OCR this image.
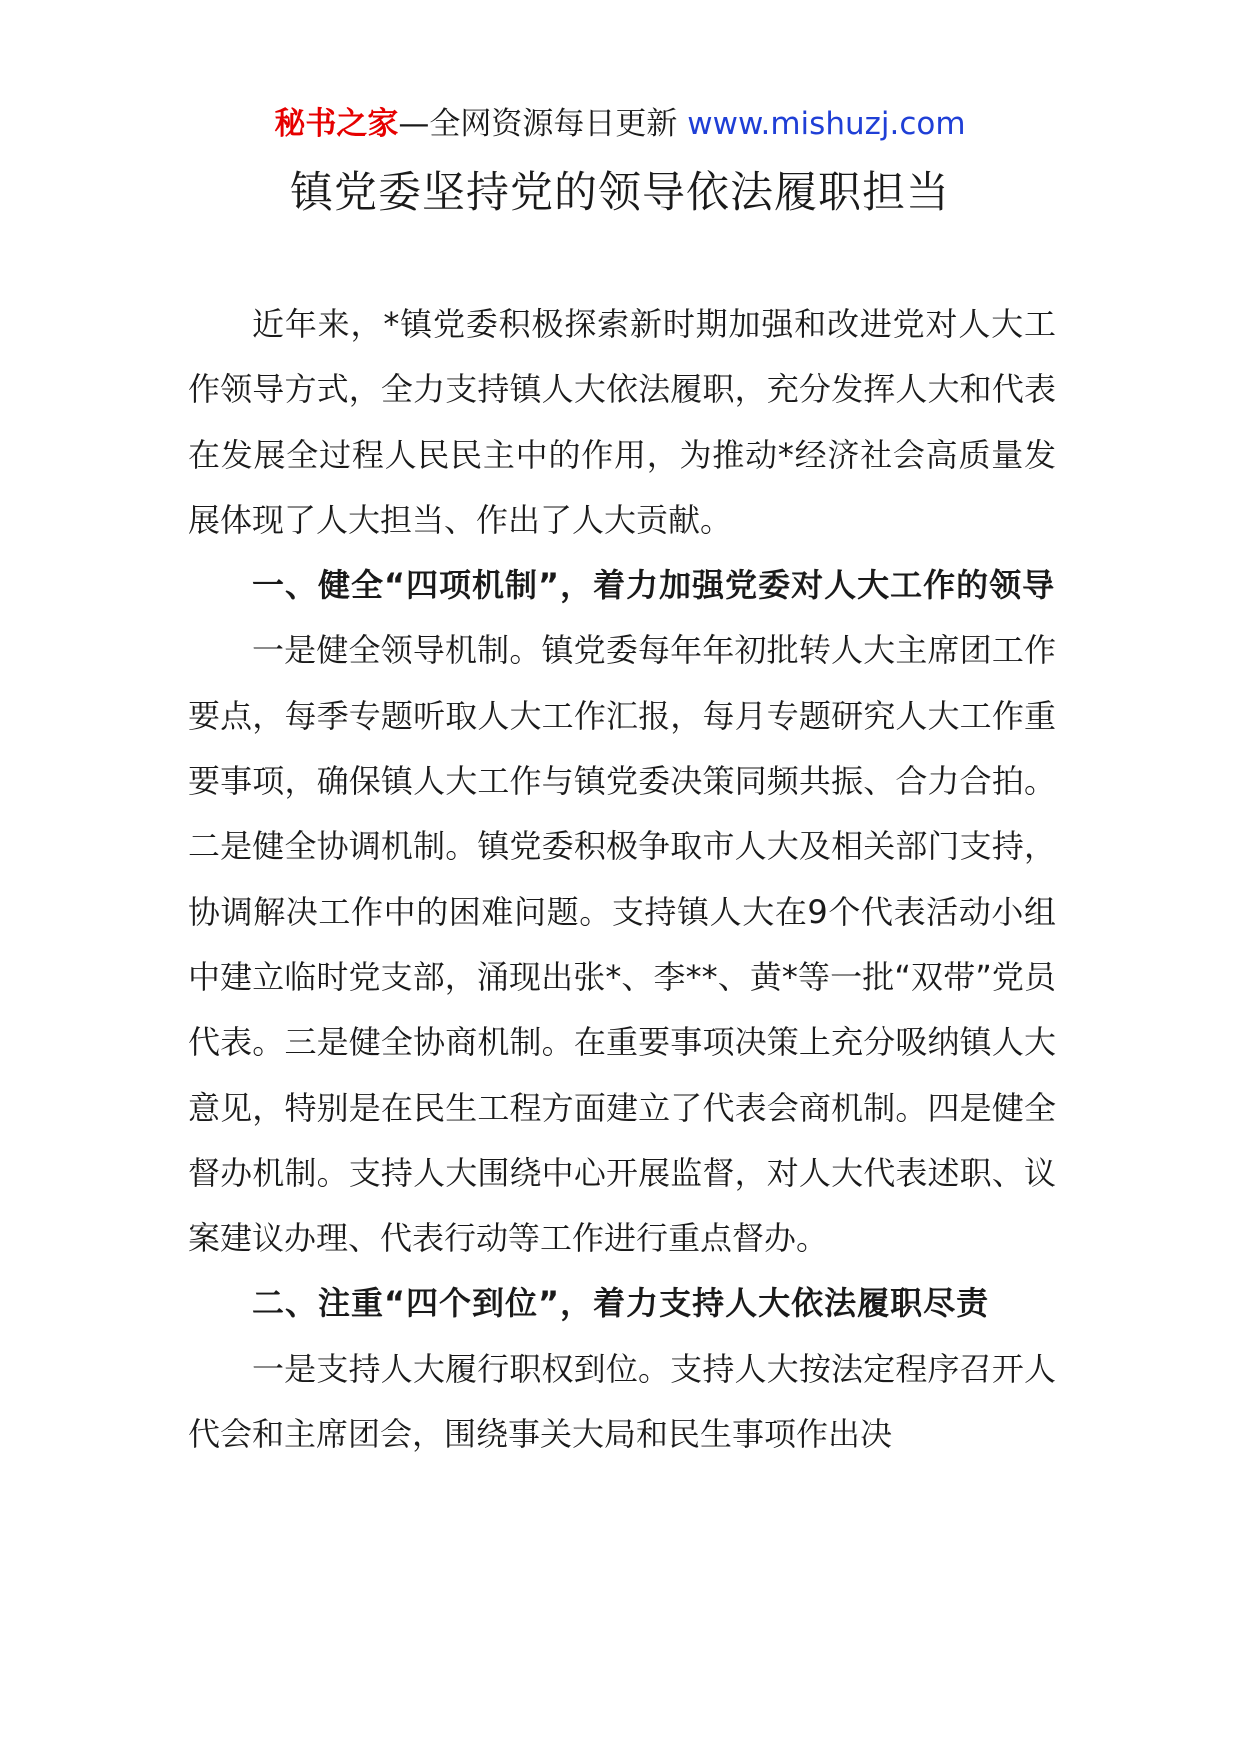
秘书之家—全网资源每日更新 www.mishuzj.com
镇党委坚持党的领导依法履职担当

近年来，*镇党委积极探索新时期加强和改进党对人大工作领导方式，全力支持镇人大依法履职，充分发挥人大和代表在发展全过程人民民主中的作用，为推动*经济社会高质量发展体现了人大担当、作出了人大贡献。

一、健全“四项机制”，着力加强党委对人大工作的领导

一是健全领导机制。镇党委每年年初批转人大主席团工作要点，每季专题听取人大工作汇报，每月专题研究人大工作重要事项，确保镇人大工作与镇党委决策同频共振、合力合拍。二是健全协调机制。镇党委积极争取市人大及相关部门支持，协调解决工作中的困难问题。支持镇人大在9个代表活动小组中建立临时党支部，涌现出张*、李**、黄*等一批“双带”党员代表。三是健全协商机制。在重要事项决策上充分吸纳镇人大意见，特别是在民生工程方面建立了代表会商机制。四是健全督办机制。支持人大围绕中心开展监督，对人大代表述职、议案建议办理、代表行动等工作进行重点督办。

二、注重“四个到位”，着力支持人大依法履职尽责

一是支持人大履行职权到位。支持人大按法定程序召开人代会和主席团会，围绕事关大局和民生事项作出决
